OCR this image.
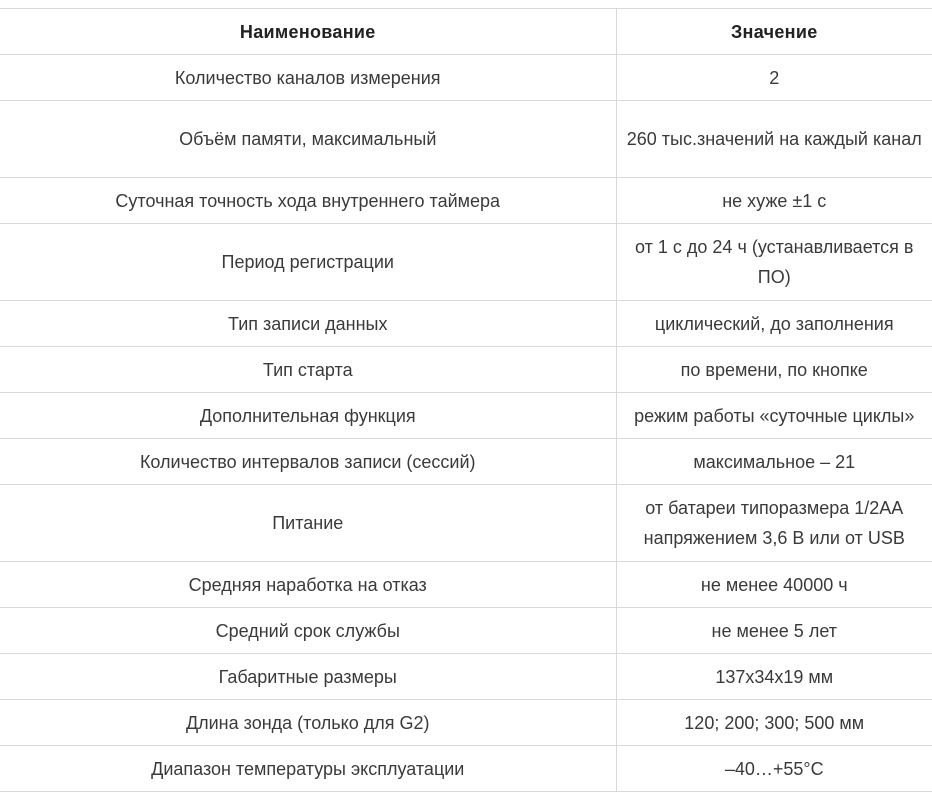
Наименование	Значение
Количество каналов измерения	2
Объём памяти, максимальный	260 тыс.значений на каждый канал
Суточная точность хода внутреннего таймера	не хуже ±1 с
Период регистрации	от 1 с до 24 ч (устанавливается в ПО)
Тип записи данных	циклический, до заполнения
Тип старта	по времени, по кнопке
Дополнительная функция	режим работы «суточные циклы»
Количество интервалов записи (сессий)	максимальное – 21
Питание	от батареи типоразмера 1/2АА напряжением 3,6 В или от USB
Средняя наработка на отказ	не менее 40000 ч
Средний срок службы	не менее 5 лет
Габаритные размеры	137х34х19 мм
Длина зонда (только для G2)	120; 200; 300; 500 мм
Диапазон температуры эксплуатации	–40…+55°С
